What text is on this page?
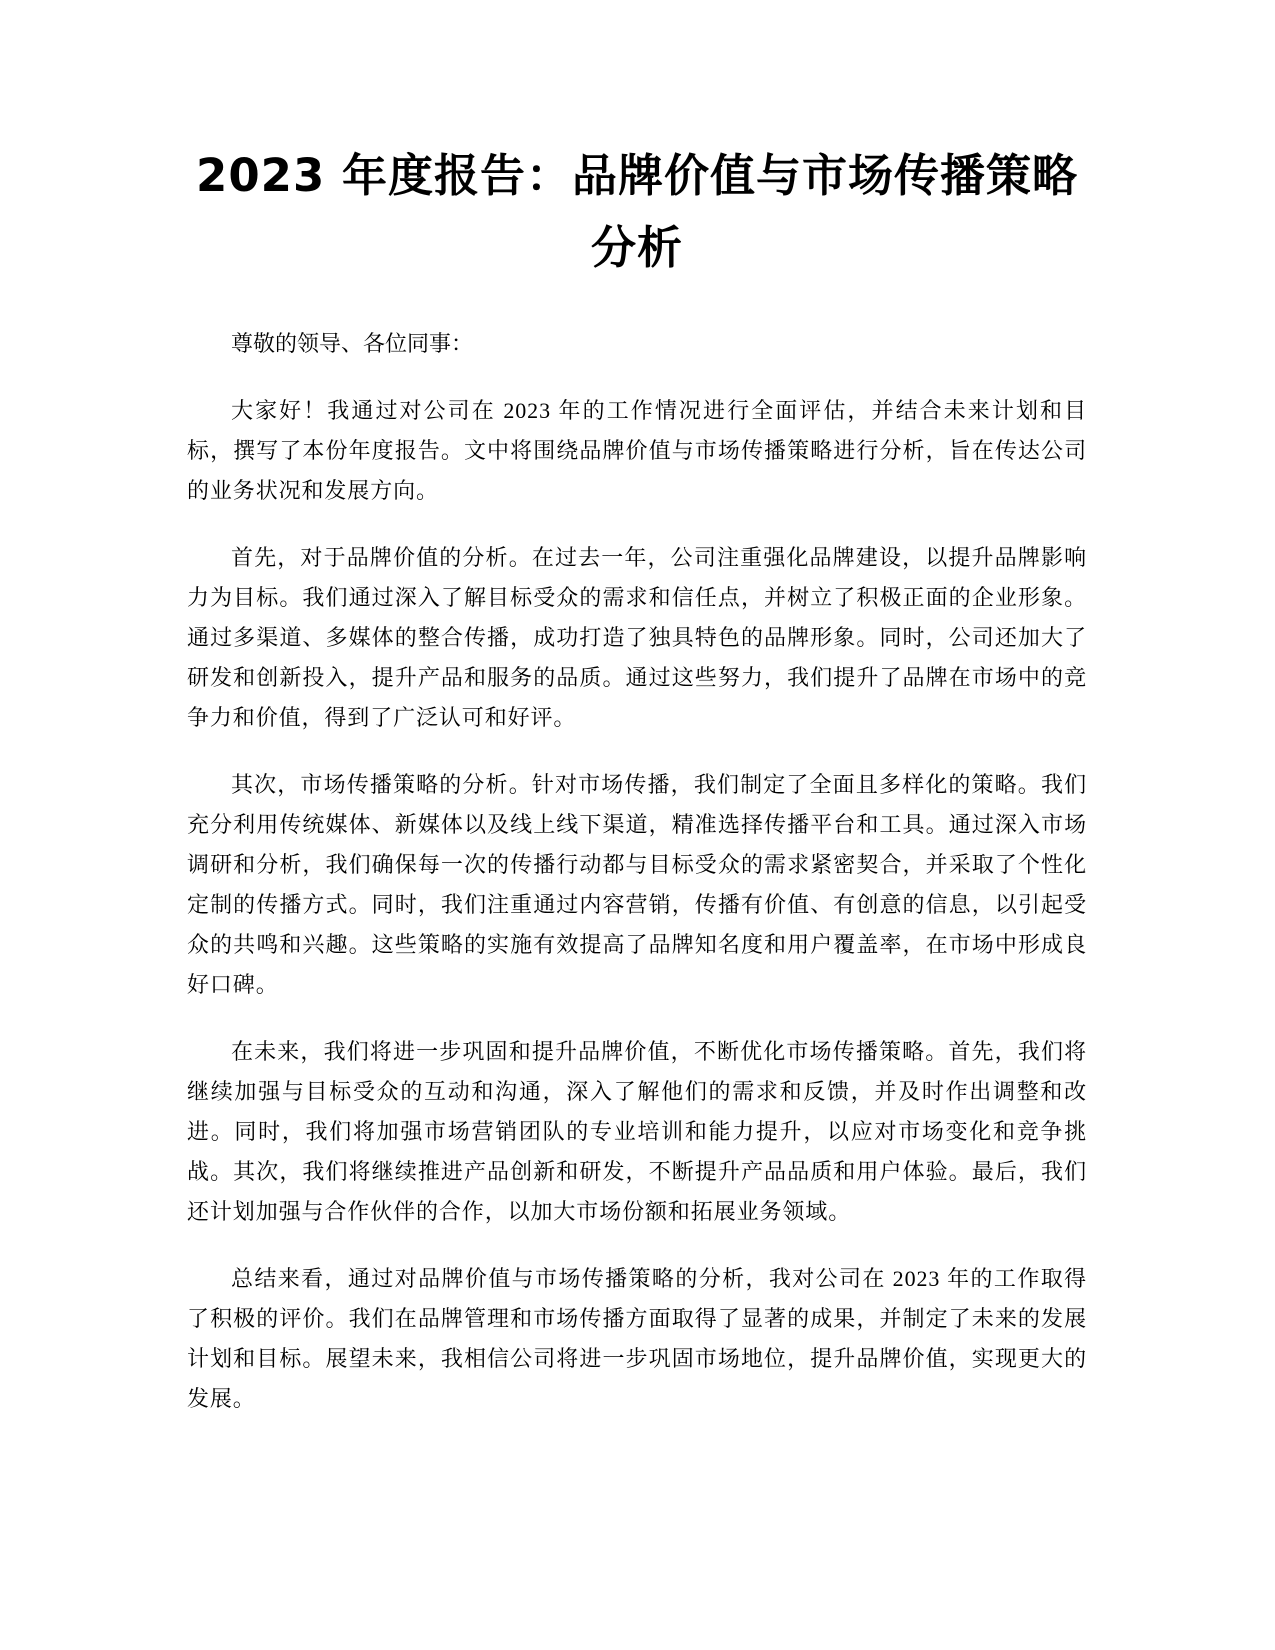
2023 年度报告：品牌价值与市场传播策略分析

尊敬的领导、各位同事：

大家好！我通过对公司在 2023 年的工作情况进行全面评估，并结合未来计划和目标，撰写了本份年度报告。文中将围绕品牌价值与市场传播策略进行分析，旨在传达公司的业务状况和发展方向。

首先，对于品牌价值的分析。在过去一年，公司注重强化品牌建设，以提升品牌影响力为目标。我们通过深入了解目标受众的需求和信任点，并树立了积极正面的企业形象。通过多渠道、多媒体的整合传播，成功打造了独具特色的品牌形象。同时，公司还加大了研发和创新投入，提升产品和服务的品质。通过这些努力，我们提升了品牌在市场中的竞争力和价值，得到了广泛认可和好评。

其次，市场传播策略的分析。针对市场传播，我们制定了全面且多样化的策略。我们充分利用传统媒体、新媒体以及线上线下渠道，精准选择传播平台和工具。通过深入市场调研和分析，我们确保每一次的传播行动都与目标受众的需求紧密契合，并采取了个性化定制的传播方式。同时，我们注重通过内容营销，传播有价值、有创意的信息，以引起受众的共鸣和兴趣。这些策略的实施有效提高了品牌知名度和用户覆盖率，在市场中形成良好口碑。

在未来，我们将进一步巩固和提升品牌价值，不断优化市场传播策略。首先，我们将继续加强与目标受众的互动和沟通，深入了解他们的需求和反馈，并及时作出调整和改进。同时，我们将加强市场营销团队的专业培训和能力提升，以应对市场变化和竞争挑战。其次，我们将继续推进产品创新和研发，不断提升产品品质和用户体验。最后，我们还计划加强与合作伙伴的合作，以加大市场份额和拓展业务领域。

总结来看，通过对品牌价值与市场传播策略的分析，我对公司在 2023 年的工作取得了积极的评价。我们在品牌管理和市场传播方面取得了显著的成果，并制定了未来的发展计划和目标。展望未来，我相信公司将进一步巩固市场地位，提升品牌价值，实现更大的发展。
